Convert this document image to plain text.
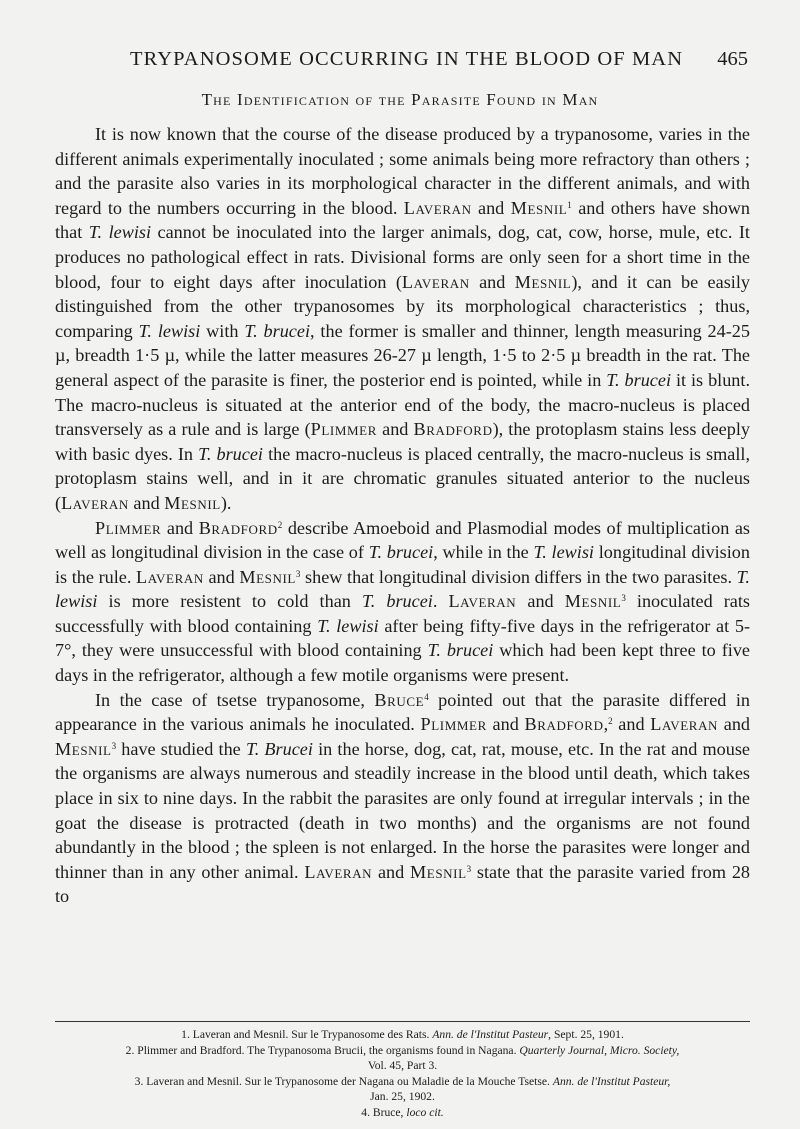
TRYPANOSOME OCCURRING IN THE BLOOD OF MAN 465
The Identification of the Parasite Found in Man

It is now known that the course of the disease produced by a trypanosome, varies in the different animals experimentally inoculated ; some animals being more refractory than others ; and the parasite also varies in its morphological character in the different animals, and with regard to the numbers occurring in the blood. Laveran and Mesnil$^1$ and others have shown that T. lewisi cannot be inoculated into the larger animals, dog, cat, cow, horse, mule, etc. It produces no pathological effect in rats. Divisional forms are only seen for a short time in the blood, four to eight days after inoculation (Laveran and Mesnil), and it can be easily distinguished from the other trypanosomes by its morphological characteristics ; thus, comparing T. lewisi with T. brucei, the former is smaller and thinner, length measuring 24-25 µ, breadth 1·5 µ, while the latter measures 26-27 µ length, 1·5 to 2·5 µ breadth in the rat. The general aspect of the parasite is finer, the posterior end is pointed, while in T. brucei it is blunt. The macro-nucleus is situated at the anterior end of the body, the macro-nucleus is placed transversely as a rule and is large (Plimmer and Bradford), the protoplasm stains less deeply with basic dyes. In T. brucei the macro-nucleus is placed centrally, the macro-nucleus is small, protoplasm stains well, and in it are chromatic granules situated anterior to the nucleus (Laveran and Mesnil).

Plimmer and Bradford$^2$ describe Amoeboid and Plasmodial modes of multiplication as well as longitudinal division in the case of T. brucei, while in the T. lewisi longitudinal division is the rule. Laveran and Mesnil$^3$ shew that longitudinal division differs in the two parasites. T. lewisi is more resistent to cold than T. brucei. Laveran and Mesnil$^3$ inoculated rats successfully with blood containing T. lewisi after being fifty-five days in the refrigerator at 5-7°, they were unsuccessful with blood containing T. brucei which had been kept three to five days in the refrigerator, although a few motile organisms were present.

In the case of tsetse trypanosome, Bruce$^4$ pointed out that the parasite differed in appearance in the various animals he inoculated. Plimmer and Bradford,$^2$ and Laveran and Mesnil$^3$ have studied the T. Brucei in the horse, dog, cat, rat, mouse, etc. In the rat and mouse the organisms are always numerous and steadily increase in the blood until death, which takes place in six to nine days. In the rabbit the parasites are only found at irregular intervals ; in the goat the disease is protracted (death in two months) and the organisms are not found abundantly in the blood ; the spleen is not enlarged. In the horse the parasites were longer and thinner than in any other animal. Laveran and Mesnil$^3$ state that the parasite varied from 28 to

1. Laveran and Mesnil. Sur le Trypanosome des Rats. Ann. de l'Institut Pasteur, Sept. 25, 1901.
2. Plimmer and Bradford. The Trypanosoma Brucii, the organisms found in Nagana. Quarterly Journal, Micro. Society,
Vol. 45, Part 3.
3. Laveran and Mesnil. Sur le Trypanosome der Nagana ou Maladie de la Mouche Tsetse. Ann. de l'Institut Pasteur,
Jan. 25, 1902.
4. Bruce, loco cit.
